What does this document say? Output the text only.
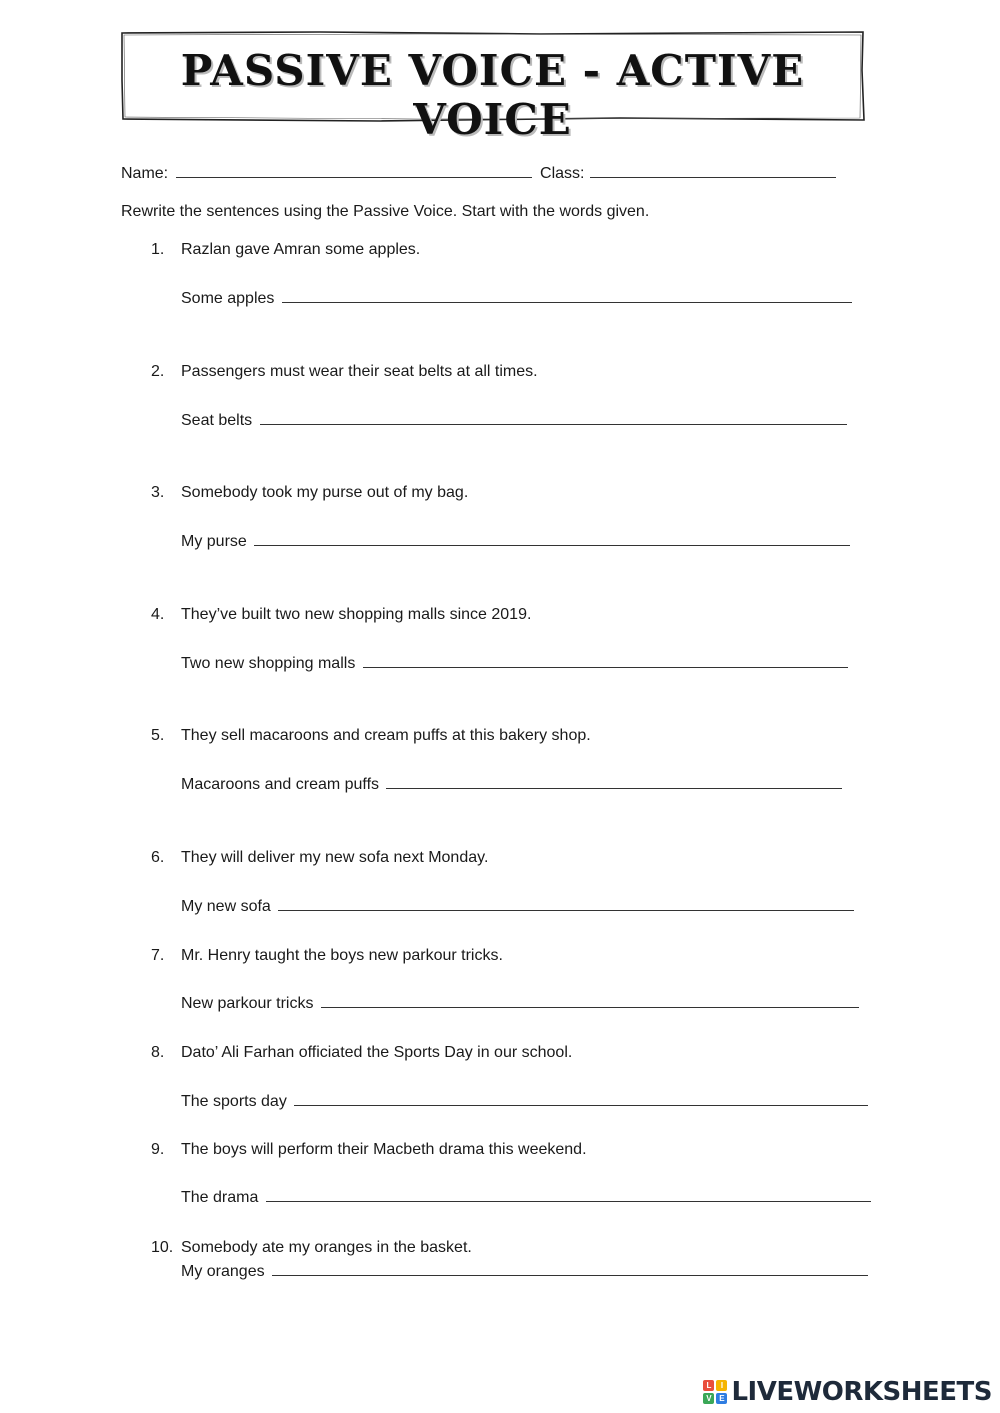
PASSIVE VOICE - ACTIVE VOICE
Name:	Class:
Rewrite the sentences using the Passive Voice. Start with the words given.
1. Razlan gave Amran some apples.
Some apples
2. Passengers must wear their seat belts at all times.
Seat belts
3. Somebody took my purse out of my bag.
My purse
4. They’ve built two new shopping malls since 2019.
Two new shopping malls
5. They sell macaroons and cream puffs at this bakery shop.
Macaroons and cream puffs
6. They will deliver my new sofa next Monday.
My new sofa
7. Mr. Henry taught the boys new parkour tricks.
New parkour tricks
8. Dato’ Ali Farhan officiated the Sports Day in our school.
The sports day
9. The boys will perform their Macbeth drama this weekend.
The drama
10. Somebody ate my oranges in the basket.
My oranges
L	I
V E LIVEWORKSHEETS
